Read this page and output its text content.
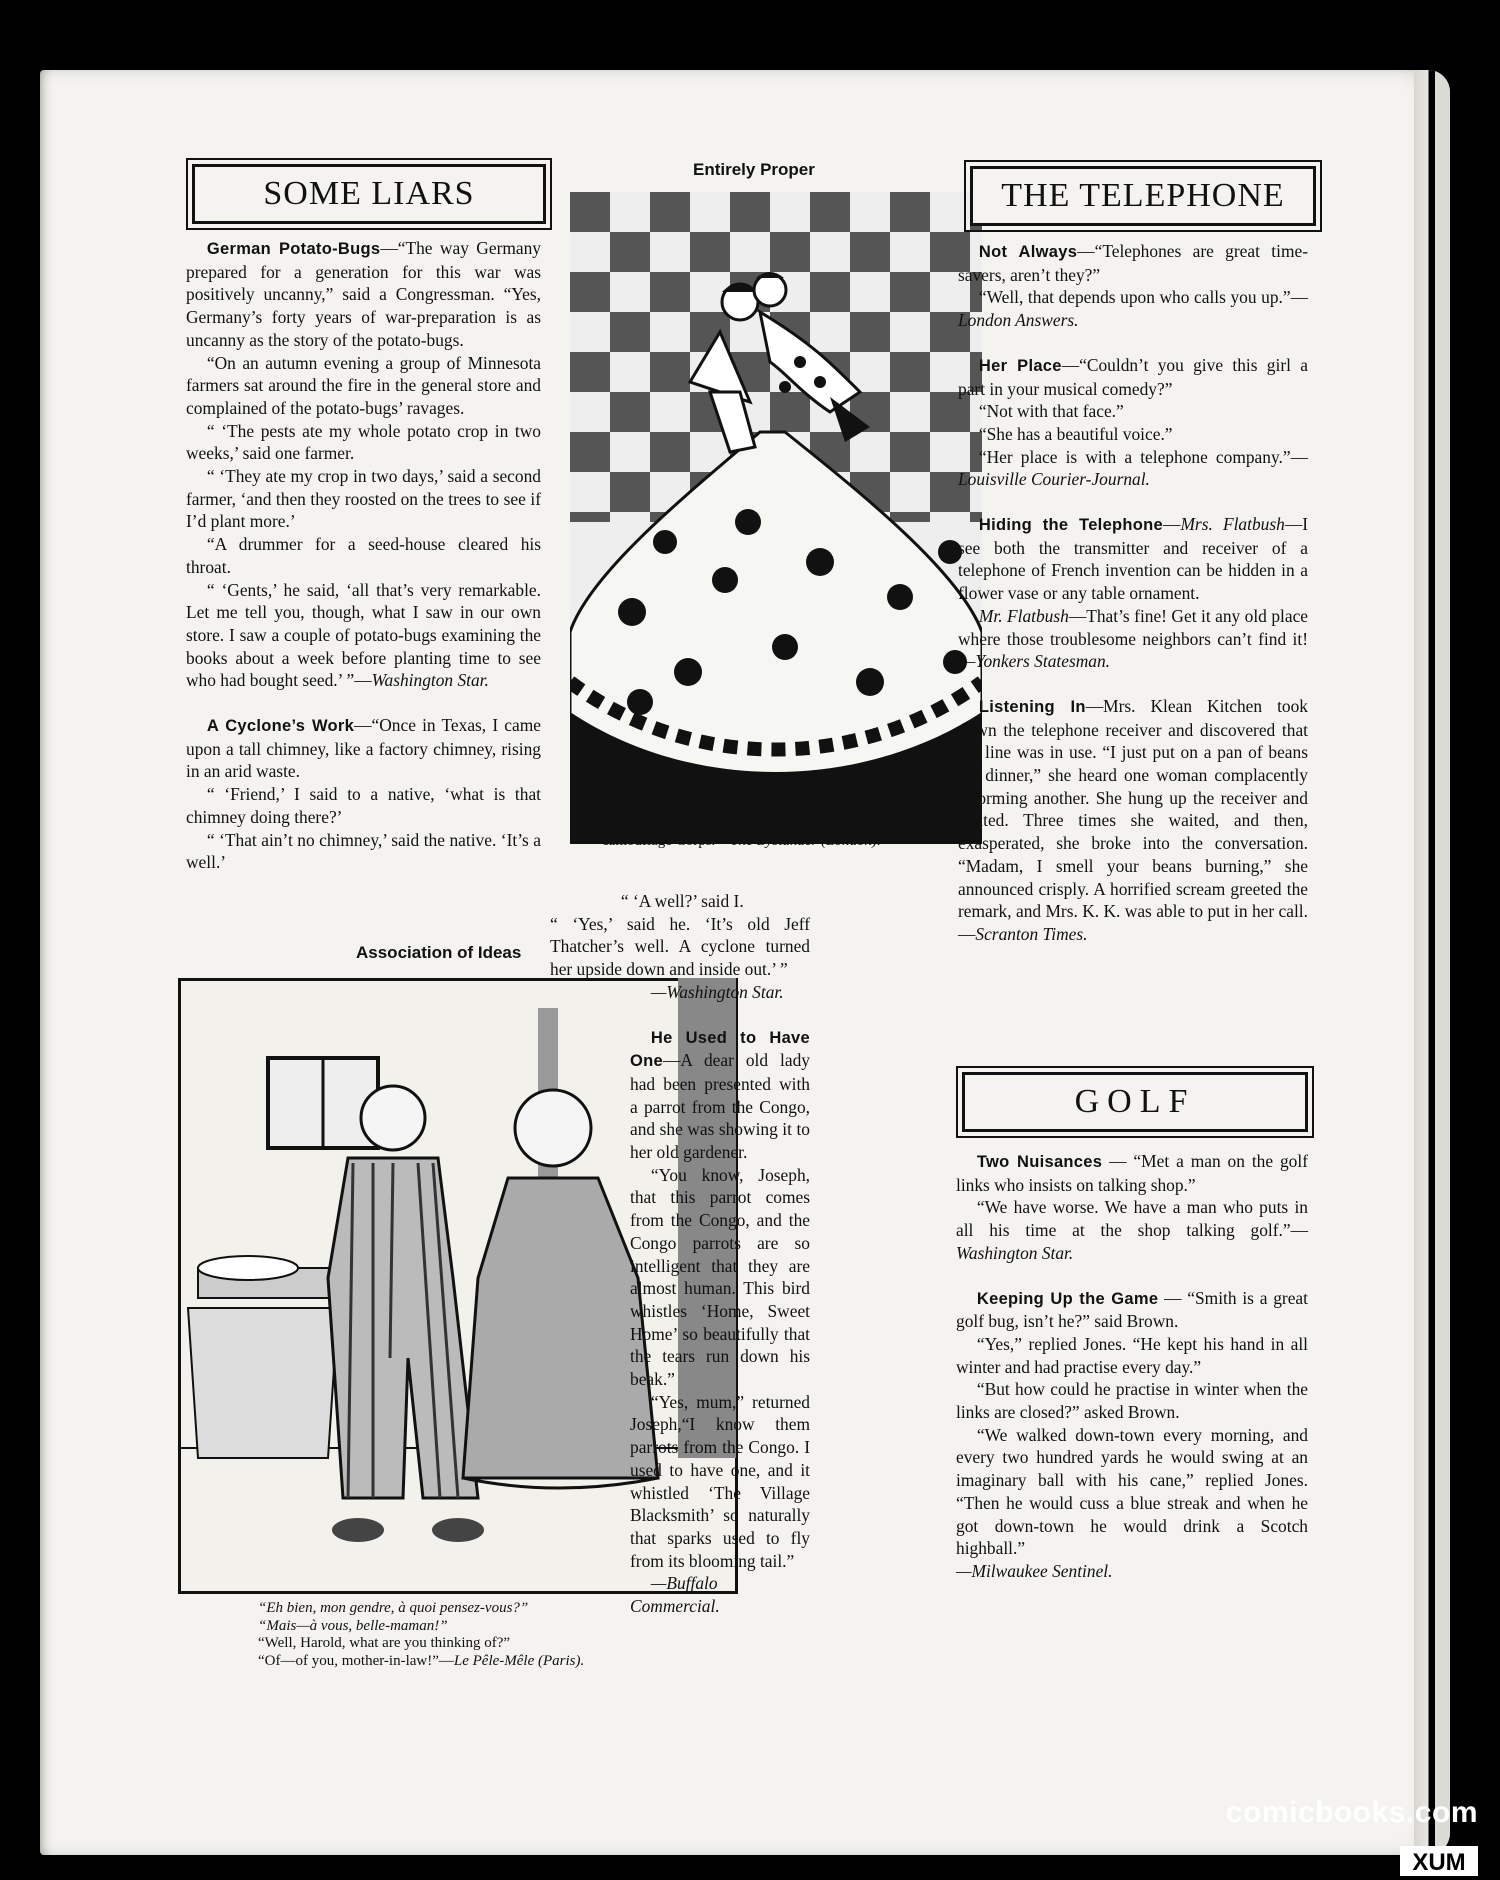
SOME LIARS

German Potato-Bugs—“The way Germany prepared for a generation for this war was positively uncanny,” said a Congressman. “Yes, Germany’s forty years of war-preparation is as uncanny as the story of the potato-bugs.

“On an autumn evening a group of Minnesota farmers sat around the fire in the general store and complained of the potato-bugs’ ravages.

“ ‘The pests ate my whole potato crop in two weeks,’ said one farmer.

“ ‘They ate my crop in two days,’ said a second farmer, ‘and then they roosted on the trees to see if I’d plant more.’

“A drummer for a seed-house cleared his throat.

“ ‘Gents,’ he said, ‘all that’s very remarkable. Let me tell you, though, what I saw in our own store. I saw a couple of potato-bugs examining the books about a week before planting time to see who had bought seed.’ ”—Washington Star.

A Cyclone’s Work—“Once in Texas, I came upon a tall chimney, like a factory chimney, rising in an arid waste.

“ ‘Friend,’ I said to a native, ‘what is that chimney doing there?’

“ ‘That ain’t no chimney,’ said the native. ‘It’s a well.’

Entirely Proper

She—I don’t think we should be rigged up like this in war-times.

He—Why not? The artist who made us is in the British camouflage Corps.—The Bystander (London).

Association of Ideas

“Eh bien, mon gendre, à quoi pensez-vous?”

“Mais—à vous, belle-maman!”

“Well, Harold, what are you thinking of?”

“Of—of you, mother-in-law!”—Le Pêle-Mêle (Paris).

“ ‘A well?’ said I.

“ ‘Yes,’ said he. ‘It’s old Jeff Thatcher’s well. A cyclone turned her upside down and inside out.’ ”

—Washington Star.

He Used to Have One—A dear old lady had been presented with a parrot from the Congo, and she was showing it to her old gardener.

“You know, Joseph, that this parrot comes from the Congo, and the Congo parrots are so intelligent that they are almost human. This bird whistles ‘Home, Sweet Home’ so beautifully that the tears run down his beak.”

“Yes, mum,” returned Joseph,“I know them parrots from the Congo. I used to have one, and it whistled ‘The Village Blacksmith’ so naturally that sparks used to fly from its blooming tail.”

—Buffalo Commercial.

THE TELEPHONE

Not Always—“Telephones are great time-savers, aren’t they?”

“Well, that depends upon who calls you up.”—London Answers.

Her Place—“Couldn’t you give this girl a part in your musical comedy?”

“Not with that face.”

“She has a beautiful voice.”

“Her place is with a telephone company.”—Louisville Courier-Journal.

Hiding the Telephone—Mrs. Flatbush—I see both the transmitter and receiver of a telephone of French invention can be hidden in a flower vase or any table ornament.

Mr. Flatbush—That’s fine! Get it any old place where those troublesome neighbors can’t find it!—Yonkers Statesman.

Listening In—Mrs. Klean Kitchen took down the telephone receiver and discovered that the line was in use. “I just put on a pan of beans for dinner,” she heard one woman complacently informing another. She hung up the receiver and waited. Three times she waited, and then, exasperated, she broke into the conversation. “Madam, I smell your beans burning,” she announced crisply. A horrified scream greeted the remark, and Mrs. K. K. was able to put in her call.—Scranton Times.

GOLF

Two Nuisances — “Met a man on the golf links who insists on talking shop.”

“We have worse. We have a man who puts in all his time at the shop talking golf.”—Washington Star.

Keeping Up the Game — “Smith is a great golf bug, isn’t he?” said Brown.

“Yes,” replied Jones. “He kept his hand in all winter and had practise every day.”

“But how could he practise in winter when the links are closed?” asked Brown.

“We walked down-town every morning, and every two hundred yards he would swing at an imaginary ball with his cane,” replied Jones. “Then he would cuss a blue streak and when he got down-town he would drink a Scotch highball.”

—Milwaukee Sentinel.

comicbooks.com
XUM
